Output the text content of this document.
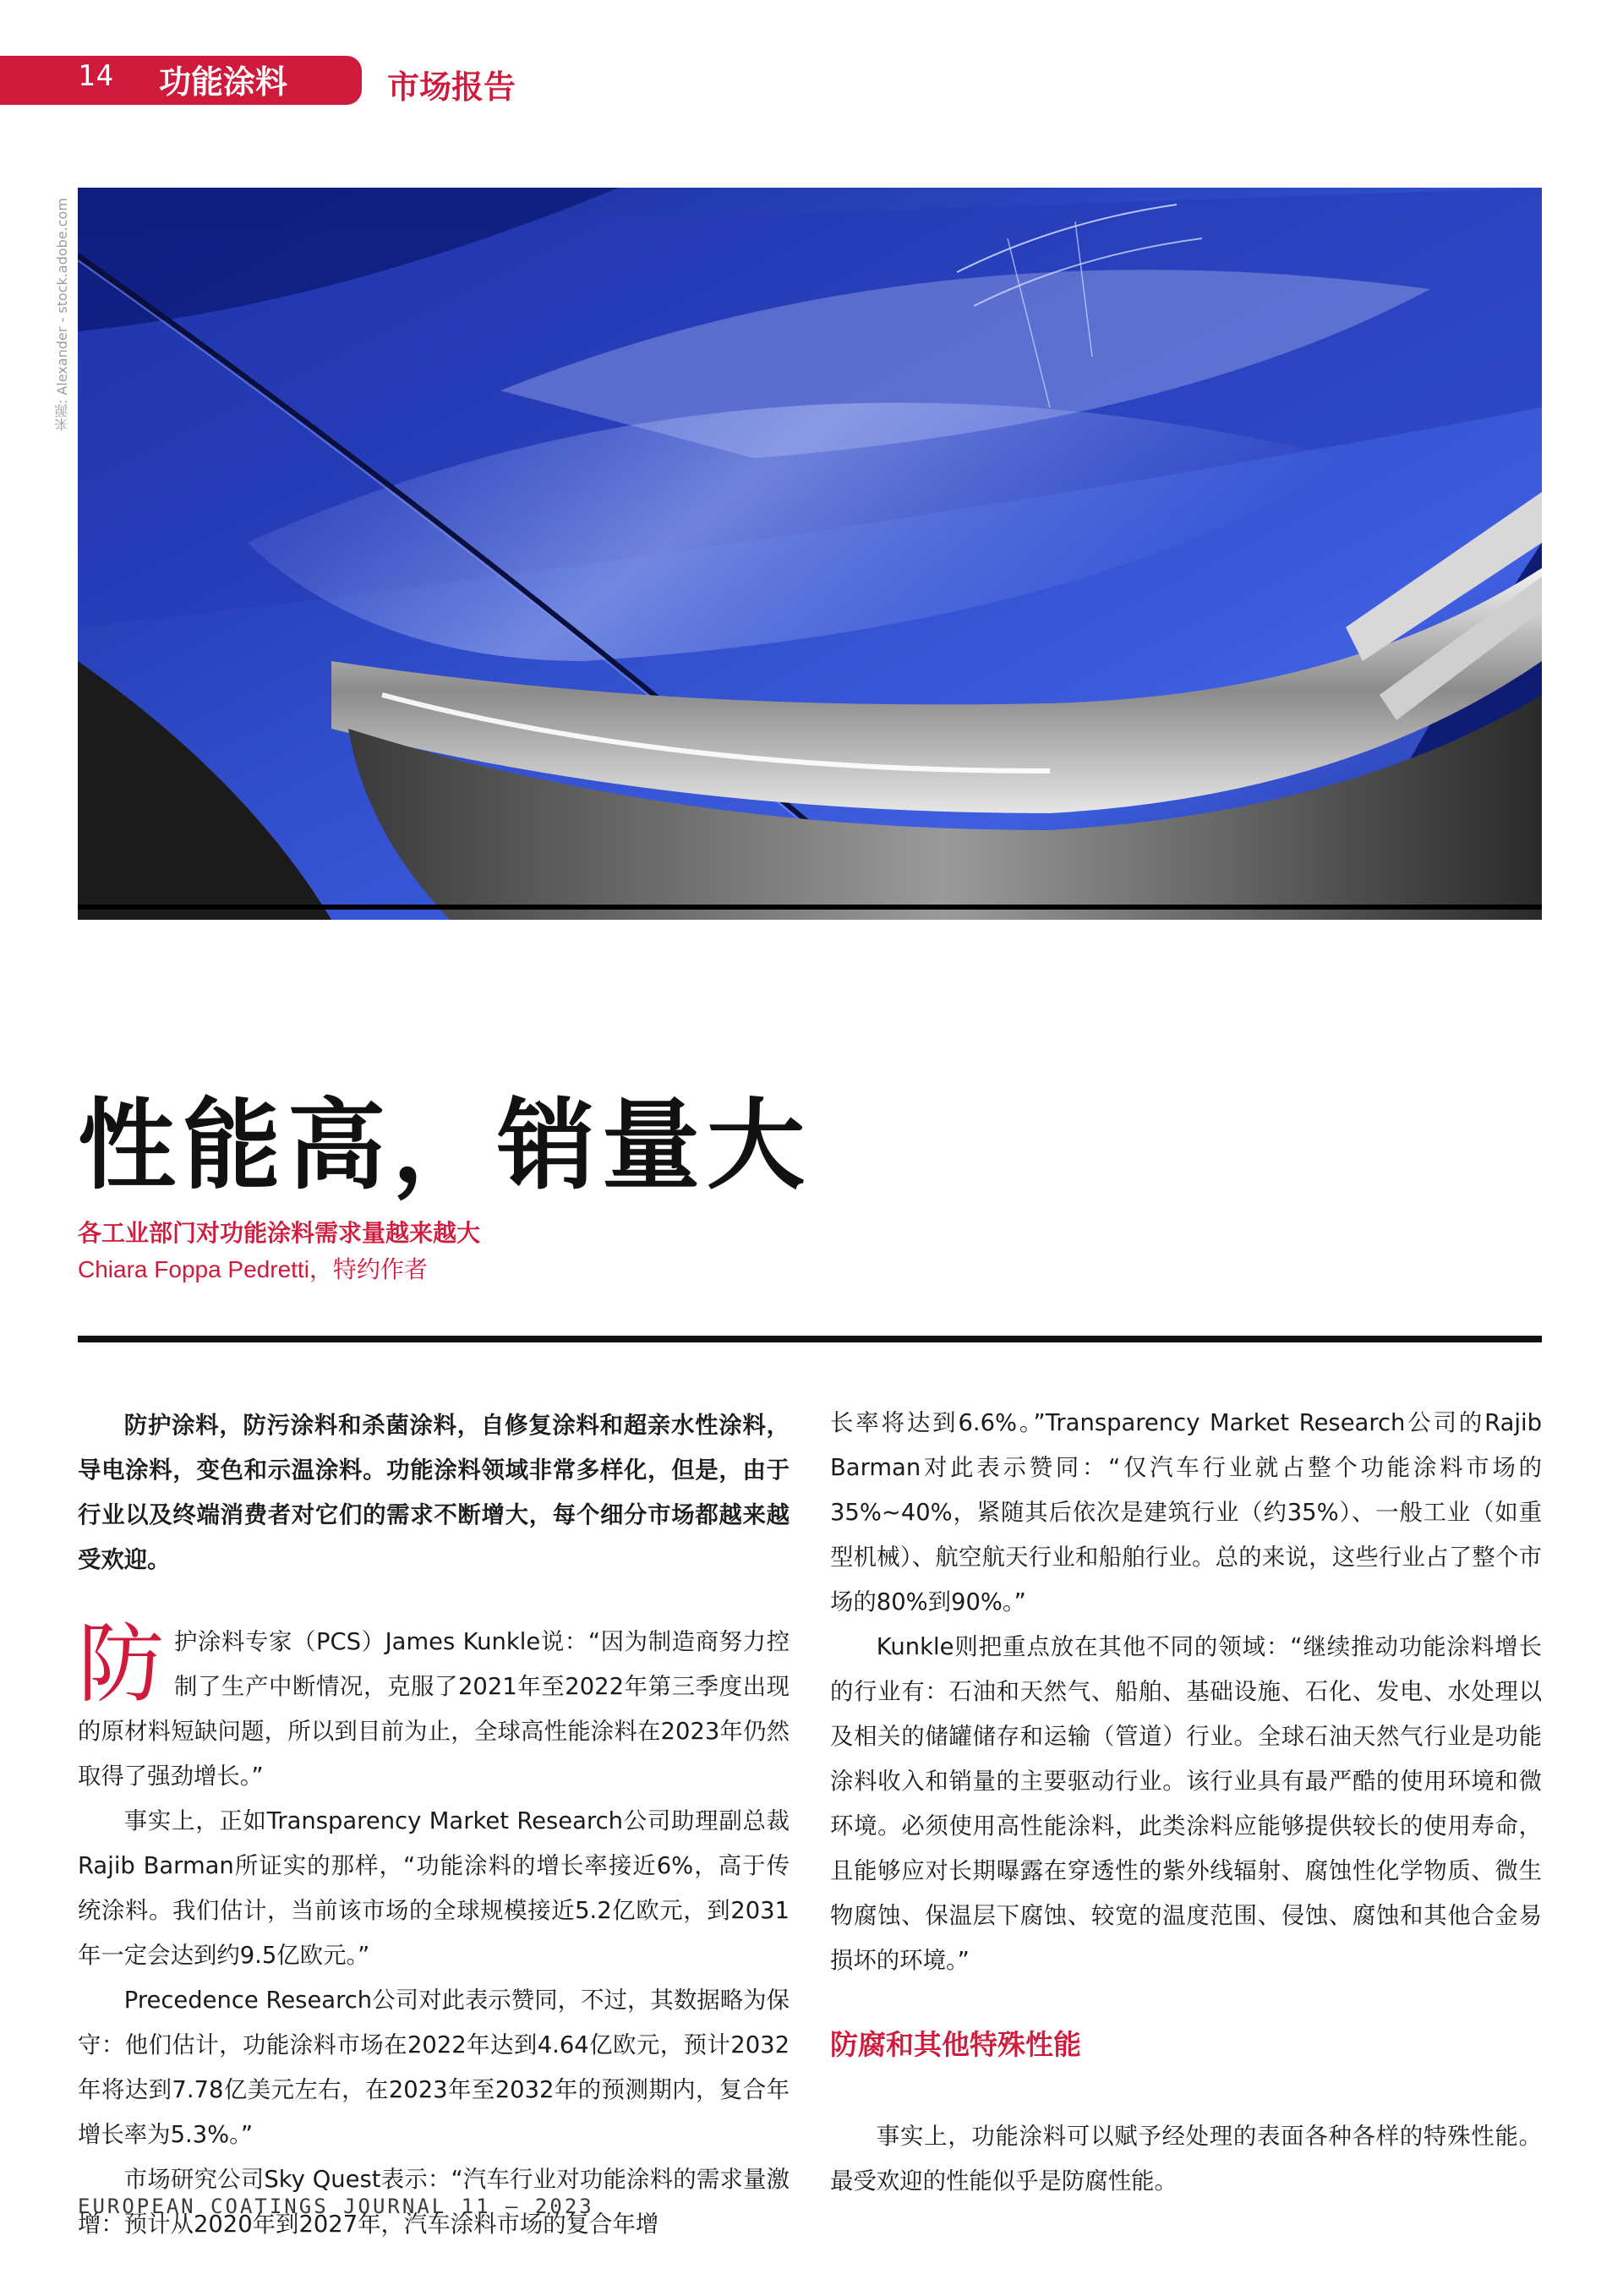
14 功能涂料	市场报告
来源: Alexander - stock.adobe.com
性能高，销量大
各工业部门对功能涂料需求量越来越大
Chiara Foppa Pedretti，特约作者

防护涂料，防污涂料和杀菌涂料，自修复涂料和超亲水性涂料，导电涂料，变色和示温涂料。功能涂料领域非常多样化，但是，由于行业以及终端消费者对它们的需求不断增大，每个细分市场都越来越受欢迎。

防护涂料专家（PCS）James Kunkle说：“因为制造商努力控制了生产中断情况，克服了2021年至2022年第三季度出现的原材料短缺问题，所以到目前为止，全球高性能涂料在2023年仍然取得了强劲增长。”

事实上，正如Transparency Market Research公司助理副总裁Rajib Barman所证实的那样，“功能涂料的增长率接近6%，高于传统涂料。我们估计，当前该市场的全球规模接近5.2亿欧元，到2031年一定会达到约9.5亿欧元。”

Precedence Research公司对此表示赞同，不过，其数据略为保守：他们估计，功能涂料市场在2022年达到4.64亿欧元，预计2032年将达到7.78亿美元左右，在2023年至2032年的预测期内，复合年增长率为5.3%。”

市场研究公司Sky Quest表示：“汽车行业对功能涂料的需求量激增：预计从2020年到2027年，汽车涂料市场的复合年增

长率将达到6.6%。”Transparency Market Research公司的Rajib Barman对此表示赞同：“仅汽车行业就占整个功能涂料市场的35%~40%，紧随其后依次是建筑行业（约35%）、一般工业（如重型机械）、航空航天行业和船舶行业。总的来说，这些行业占了整个市场的80%到90%。”

Kunkle则把重点放在其他不同的领域：“继续推动功能涂料增长的行业有：石油和天然气、船舶、基础设施、石化、发电、水处理以及相关的储罐储存和运输（管道）行业。全球石油天然气行业是功能涂料收入和销量的主要驱动行业。该行业具有最严酷的使用环境和微环境。必须使用高性能涂料，此类涂料应能够提供较长的使用寿命，且能够应对长期曝露在穿透性的紫外线辐射、腐蚀性化学物质、微生物腐蚀、保温层下腐蚀、较宽的温度范围、侵蚀、腐蚀和其他合金易损坏的环境。”

防腐和其他特殊性能

事实上，功能涂料可以赋予经处理的表面各种各样的特殊性能。最受欢迎的性能似乎是防腐性能。

EUROPEAN COATINGS JOURNAL 11 – 2023
